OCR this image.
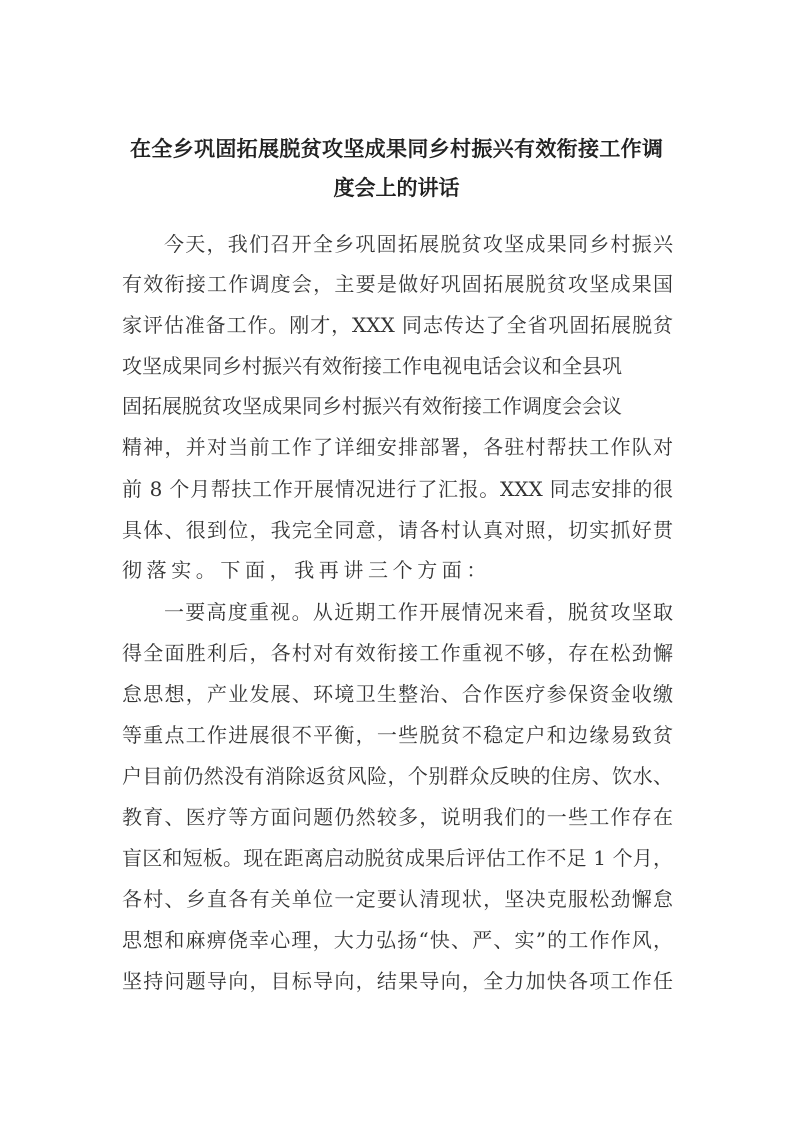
在全乡巩固拓展脱贫攻坚成果同乡村振兴有效衔接工作调
度会上的讲话
今天，我们召开全乡巩固拓展脱贫攻坚成果同乡村振兴
有效衔接工作调度会，主要是做好巩固拓展脱贫攻坚成果国
家评估准备工作。刚才，XXX 同志传达了全省巩固拓展脱贫
攻坚成果同乡村振兴有效衔接工作电视电话会议和全县巩
固拓展脱贫攻坚成果同乡村振兴有效衔接工作调度会会议
精神，并对当前工作了详细安排部署，各驻村帮扶工作队对
前 8 个月帮扶工作开展情况进行了汇报。XXX 同志安排的很
具体、很到位，我完全同意，请各村认真对照，切实抓好贯
彻落实。下面，我再讲三个方面：
一要高度重视。从近期工作开展情况来看，脱贫攻坚取
得全面胜利后，各村对有效衔接工作重视不够，存在松劲懈
怠思想，产业发展、环境卫生整治、合作医疗参保资金收缴
等重点工作进展很不平衡，一些脱贫不稳定户和边缘易致贫
户目前仍然没有消除返贫风险，个别群众反映的住房、饮水、
教育、医疗等方面问题仍然较多，说明我们的一些工作存在
盲区和短板。现在距离启动脱贫成果后评估工作不足 1 个月，
各村、乡直各有关单位一定要认清现状，坚决克服松劲懈怠
思想和麻痹侥幸心理，大力弘扬“快、严、实”的工作作风，
坚持问题导向，目标导向，结果导向，全力加快各项工作任
